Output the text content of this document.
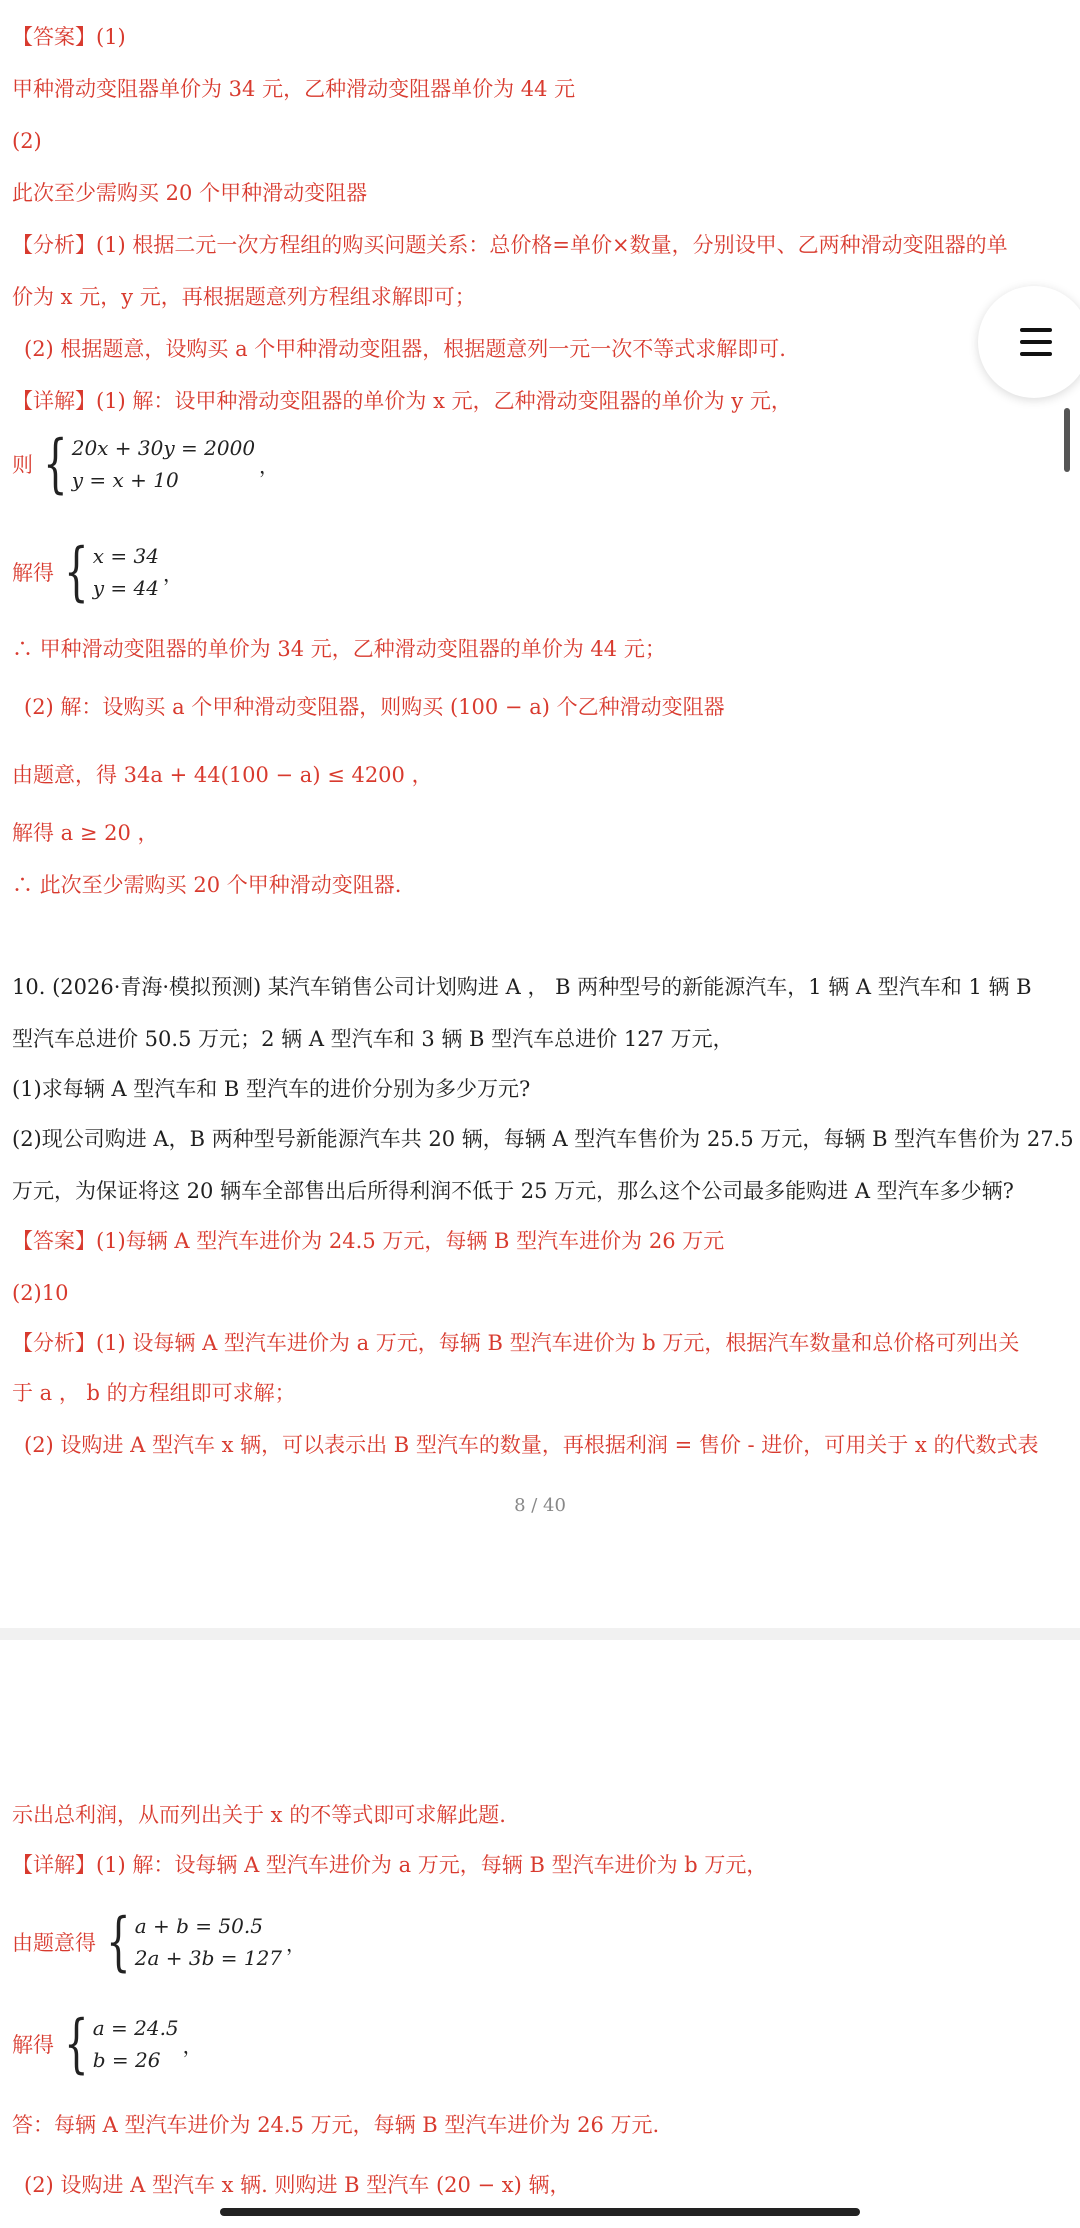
【答案】(1)
甲种滑动变阻器单价为 34 元，乙种滑动变阻器单价为 44 元
(2)
此次至少需购买 20 个甲种滑动变阻器
【分析】(1) 根据二元一次方程组的购买问题关系：总价格=单价×数量，分别设甲、乙两种滑动变阻器的单
价为 x 元，y 元，再根据题意列方程组求解即可；
(2) 根据题意，设购买 a 个甲种滑动变阻器，根据题意列一元一次不等式求解即可.
【详解】(1) 解：设甲种滑动变阻器的单价为 x 元，乙种滑动变阻器的单价为 y 元，
则 { 20x + 30y = 2000
y = x + 10
，
解得 { x = 34
y = 44
，
∴ 甲种滑动变阻器的单价为 34 元，乙种滑动变阻器的单价为 44 元；
(2) 解：设购买 a 个甲种滑动变阻器，则购买 (100 − a) 个乙种滑动变阻器
由题意，得 34a + 44(100 − a) ≤ 4200 ，
解得 a ≥ 20 ，
∴ 此次至少需购买 20 个甲种滑动变阻器.
10. (2026·青海·模拟预测) 某汽车销售公司计划购进 A ， B 两种型号的新能源汽车，1 辆 A 型汽车和 1 辆 B
型汽车总进价 50.5 万元；2 辆 A 型汽车和 3 辆 B 型汽车总进价 127 万元，
(1)求每辆 A 型汽车和 B 型汽车的进价分别为多少万元?
(2)现公司购进 A，B 两种型号新能源汽车共 20 辆，每辆 A 型汽车售价为 25.5 万元，每辆 B 型汽车售价为 27.5
万元，为保证将这 20 辆车全部售出后所得利润不低于 25 万元，那么这个公司最多能购进 A 型汽车多少辆?
【答案】(1)每辆 A 型汽车进价为 24.5 万元，每辆 B 型汽车进价为 26 万元
(2)10
【分析】(1) 设每辆 A 型汽车进价为 a 万元，每辆 B 型汽车进价为 b 万元，根据汽车数量和总价格可列出关
于 a ， b 的方程组即可求解；
(2) 设购进 A 型汽车 x 辆，可以表示出 B 型汽车的数量，再根据利润 = 售价 - 进价，可用关于 x 的代数式表
8 / 40
示出总利润，从而列出关于 x 的不等式即可求解此题.
【详解】(1) 解：设每辆 A 型汽车进价为 a 万元，每辆 B 型汽车进价为 b 万元，
由题意得 { a + b = 50.5
2a + 3b = 127
，
解得 { a = 24.5
b = 26
，
答：每辆 A 型汽车进价为 24.5 万元，每辆 B 型汽车进价为 26 万元.
(2) 设购进 A 型汽车 x 辆. 则购进 B 型汽车 (20 − x) 辆，
